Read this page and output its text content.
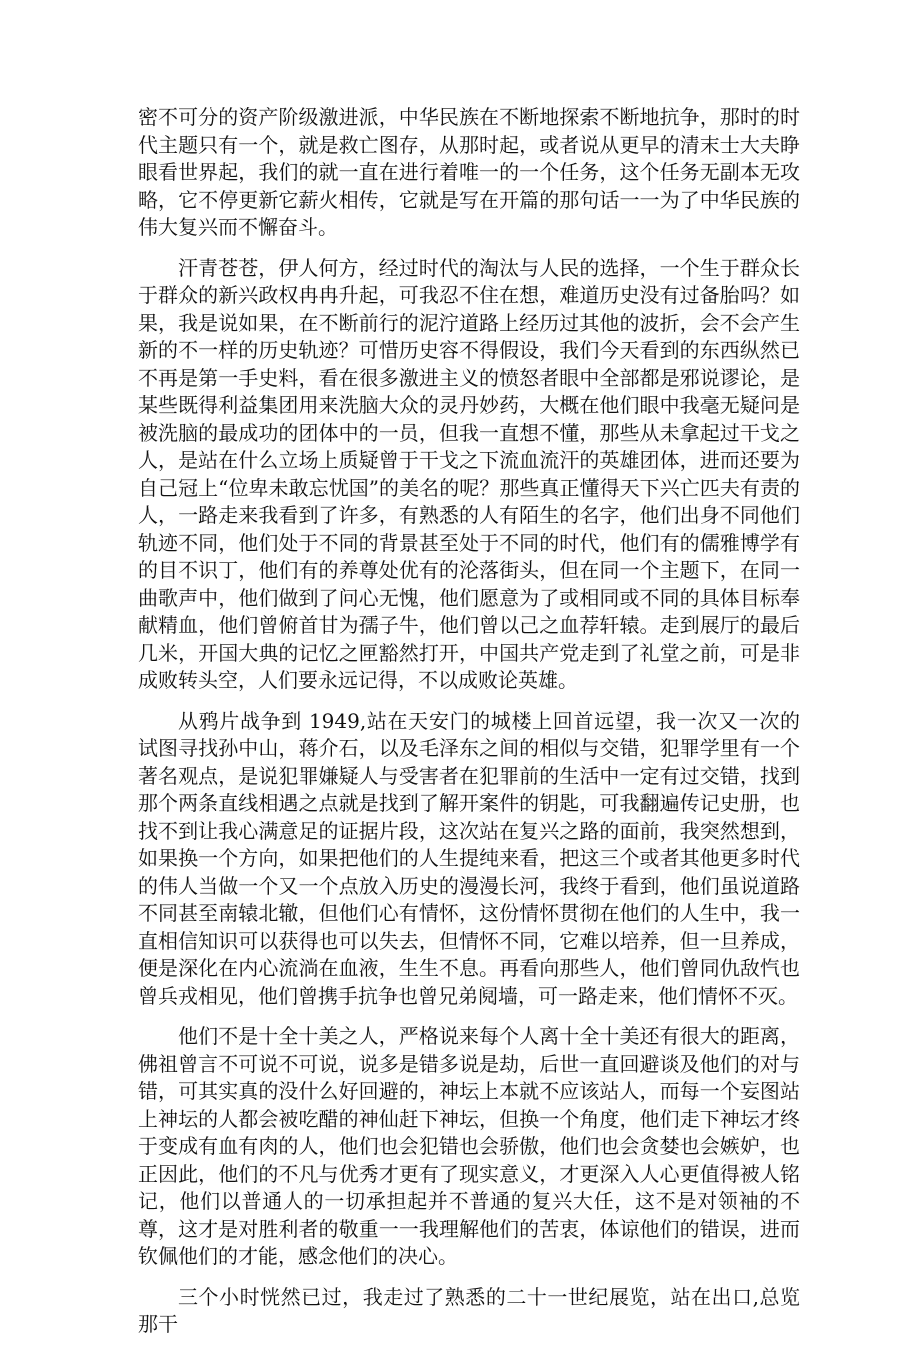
密不可分的资产阶级激进派，中华民族在不断地探索不断地抗争，那时的时代主题只有一个，就是救亡图存，从那时起，或者说从更早的清末士大夫睁眼看世界起，我们的就一直在进行着唯一的一个任务，这个任务无副本无攻略，它不停更新它薪火相传，它就是写在开篇的那句话一一为了中华民族的伟大复兴而不懈奋斗。

汗青苍苍，伊人何方，经过时代的淘汰与人民的选择，一个生于群众长于群众的新兴政权冉冉升起，可我忍不住在想，难道历史没有过备胎吗？如果，我是说如果，在不断前行的泥泞道路上经历过其他的波折，会不会产生新的不一样的历史轨迹？可惜历史容不得假设，我们今天看到的东西纵然已不再是第一手史料，看在很多激进主义的愤怒者眼中全部都是邪说谬论，是某些既得利益集团用来洗脑大众的灵丹妙药，大概在他们眼中我毫无疑问是被洗脑的最成功的团体中的一员，但我一直想不懂，那些从未拿起过干戈之人，是站在什么立场上质疑曾于干戈之下流血流汗的英雄团体，进而还要为自己冠上“位卑未敢忘忧国”的美名的呢？那些真正懂得天下兴亡匹夫有责的人，一路走来我看到了许多，有熟悉的人有陌生的名字，他们出身不同他们轨迹不同，他们处于不同的背景甚至处于不同的时代，他们有的儒雅博学有的目不识丁，他们有的养尊处优有的沦落街头，但在同一个主题下，在同一曲歌声中，他们做到了问心无愧，他们愿意为了或相同或不同的具体目标奉献精血，他们曾俯首甘为孺子牛，他们曾以己之血荐轩辕。走到展厅的最后几米，开国大典的记忆之匣豁然打开，中国共产党走到了礼堂之前，可是非成败转头空，人们要永远记得，不以成败论英雄。

从鸦片战争到 1949,站在天安门的城楼上回首远望，我一次又一次的试图寻找孙中山，蒋介石，以及毛泽东之间的相似与交错，犯罪学里有一个著名观点，是说犯罪嫌疑人与受害者在犯罪前的生活中一定有过交错，找到那个两条直线相遇之点就是找到了解开案件的钥匙，可我翻遍传记史册，也找不到让我心满意足的证据片段，这次站在复兴之路的面前，我突然想到，如果换一个方向，如果把他们的人生提纯来看，把这三个或者其他更多时代的伟人当做一个又一个点放入历史的漫漫长河，我终于看到，他们虽说道路不同甚至南辕北辙，但他们心有情怀，这份情怀贯彻在他们的人生中，我一直相信知识可以获得也可以失去，但情怀不同，它难以培养，但一旦养成，便是深化在内心流淌在血液，生生不息。再看向那些人，他们曾同仇敌忾也曾兵戎相见，他们曾携手抗争也曾兄弟阋墙，可一路走来，他们情怀不灭。

他们不是十全十美之人，严格说来每个人离十全十美还有很大的距离，佛祖曾言不可说不可说，说多是错多说是劫，后世一直回避谈及他们的对与错，可其实真的没什么好回避的，神坛上本就不应该站人，而每一个妄图站上神坛的人都会被吃醋的神仙赶下神坛，但换一个角度，他们走下神坛才终于变成有血有肉的人，他们也会犯错也会骄傲，他们也会贪婪也会嫉妒，也正因此，他们的不凡与优秀才更有了现实意义，才更深入人心更值得被人铭记，他们以普通人的一切承担起并不普通的复兴大任，这不是对领袖的不尊，这才是对胜利者的敬重一一我理解他们的苦衷，体谅他们的错误，进而钦佩他们的才能，感念他们的决心。

三个小时恍然已过，我走过了熟悉的二十一世纪展览，站在出口,总览那干
